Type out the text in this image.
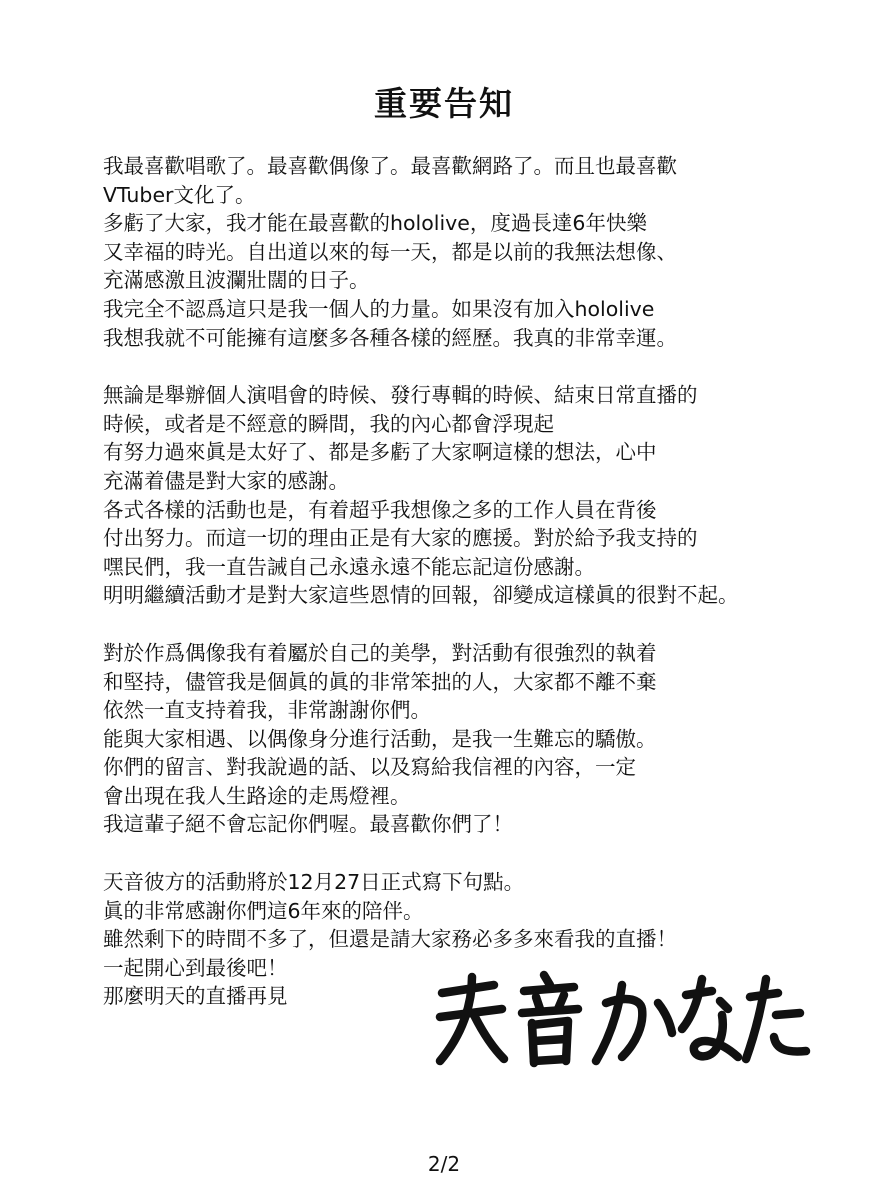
重要告知

我最喜歡唱歌了。最喜歡偶像了。最喜歡網路了。而且也最喜歡
VTuber文化了。
多虧了大家，我才能在最喜歡的hololive，度過長達6年快樂
又幸福的時光。自出道以來的每一天，都是以前的我無法想像、
充滿感激且波瀾壯闊的日子。
我完全不認爲這只是我一個人的力量。如果沒有加入hololive
我想我就不可能擁有這麼多各種各樣的經歷。我真的非常幸運。

無論是舉辦個人演唱會的時候、發行專輯的時候、結束日常直播的
時候，或者是不經意的瞬間，我的內心都會浮現起
有努力過來眞是太好了、都是多虧了大家啊這樣的想法，心中
充滿着儘是對大家的感謝。
各式各樣的活動也是，有着超乎我想像之多的工作人員在背後
付出努力。而這一切的理由正是有大家的應援。對於給予我支持的
嘿民們，我一直告誡自己永遠永遠不能忘記這份感謝。
明明繼續活動才是對大家這些恩情的回報，卻變成這樣眞的很對不起。

對於作爲偶像我有着屬於自己的美學，對活動有很強烈的執着
和堅持，儘管我是個眞的眞的非常笨拙的人，大家都不離不棄
依然一直支持着我，非常謝謝你們。
能與大家相遇、以偶像身分進行活動，是我一生難忘的驕傲。
你們的留言、對我說過的話、以及寫給我信裡的內容，一定
會出現在我人生路途的走馬燈裡。
我這輩子絕不會忘記你們喔。最喜歡你們了！

天音彼方的活動將於12月27日正式寫下句點。
眞的非常感謝你們這6年來的陪伴。
雖然剩下的時間不多了，但還是請大家務必多多來看我的直播！
一起開心到最後吧！
那麼明天的直播再見

2/2
